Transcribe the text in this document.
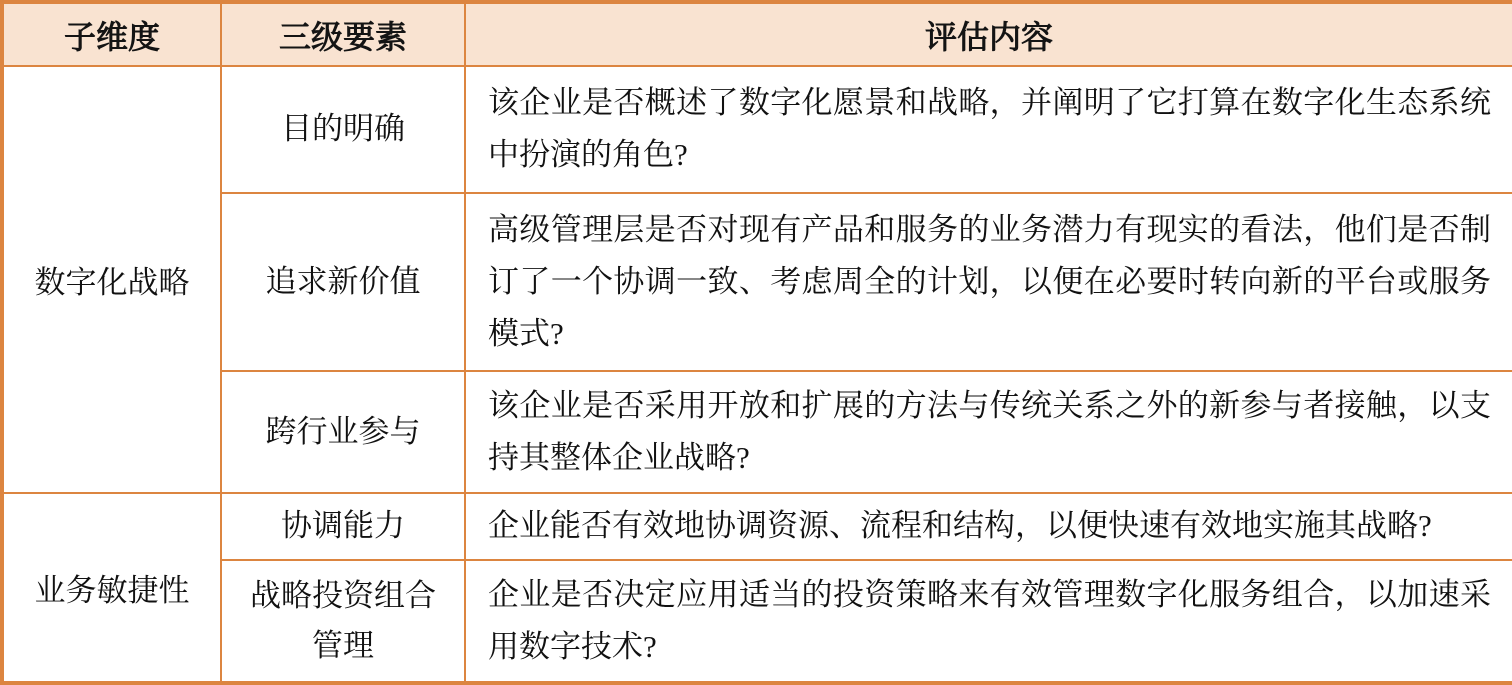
子维度	三级要素	评估内容
数字化战略	目的明确	该企业是否概述了数字化愿景和战略，并阐明了它打算在数字化生态系统中扮演的角色?
	追求新价值	高级管理层是否对现有产品和服务的业务潜力有现实的看法，他们是否制订了一个协调一致、考虑周全的计划，以便在必要时转向新的平台或服务模式?
	跨行业参与	该企业是否采用开放和扩展的方法与传统关系之外的新参与者接触，以支持其整体企业战略?
业务敏捷性	协调能力	企业能否有效地协调资源、流程和结构，以便快速有效地实施其战略?
	战略投资组合管理	企业是否决定应用适当的投资策略来有效管理数字化服务组合，以加速采用数字技术?
